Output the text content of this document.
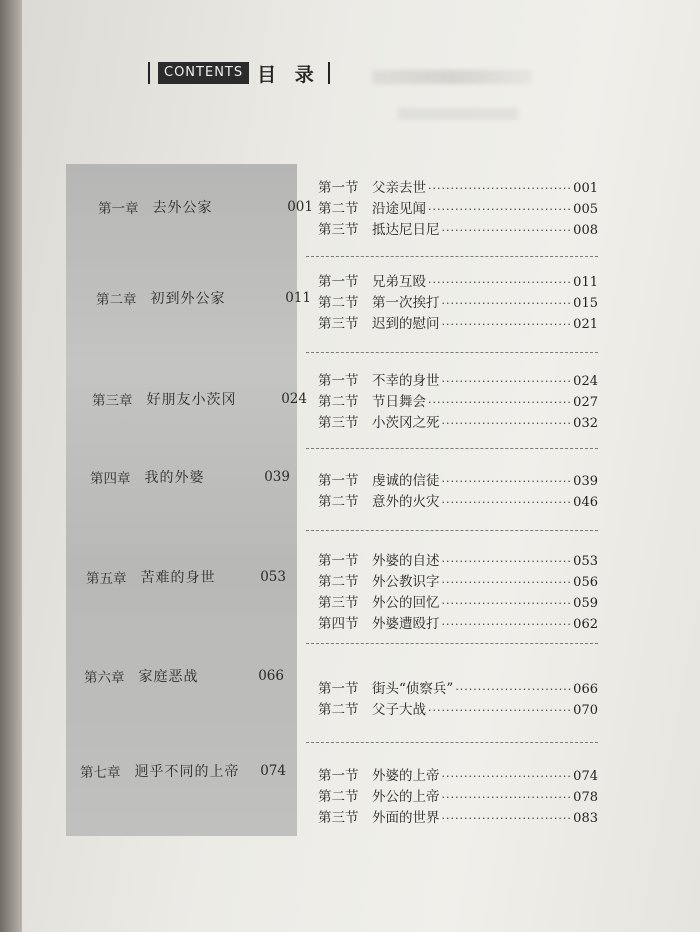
CONTENTS 目 录
第一章 去外公家	001
第二章 初到外公家	011
第三章 好朋友小茨冈	024
第四章 我的外婆	039
第五章 苦难的身世	053
第六章 家庭恶战	066
第七章 迥乎不同的上帝	074
第一节	父亲去世 ·····	001
第二节	沿途见闻 ·····	005
第三节	抵达尼日尼 ·····	008
第一节	兄弟互殴 ·····	011
第二节	第一次挨打 ·····	015
第三节	迟到的慰问 ·····	021
第一节	不幸的身世 ·····	024
第二节	节日舞会 ·····	027
第三节	小茨冈之死 ·····	032
第一节	虔诚的信徒 ·····	039
第二节	意外的火灾 ·····	046
第一节	外婆的自述 ·····	053
第二节	外公教识字 ·····	056
第三节	外公的回忆 ·····	059
第四节	外婆遭殴打 ·····	062
第一节	街头“侦察兵” ·····	066
第二节	父子大战 ·····	070
第一节	外婆的上帝 ·····	074
第二节	外公的上帝 ·····	078
第三节	外面的世界 ·····	083
